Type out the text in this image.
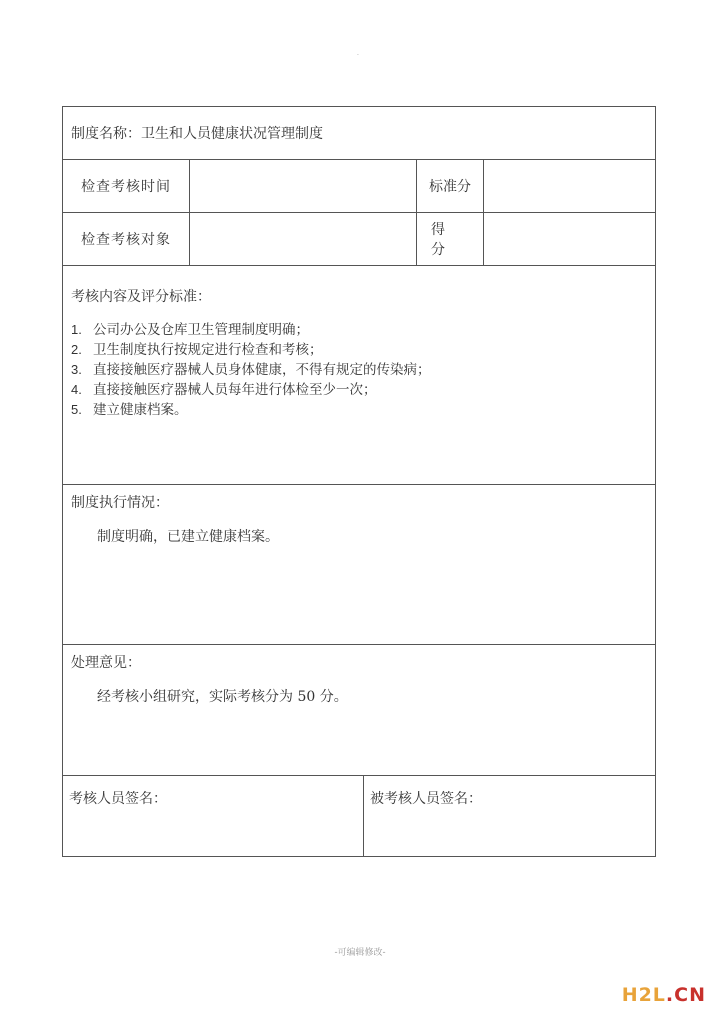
·
制度名称： 卫生和人员健康状况管理制度
检查考核时间	标准分
检查考核对象
得分

考核内容及评分标准：

1. 公司办公及仓库卫生管理制度明确；
2. 卫生制度执行按规定进行检查和考核；
3. 直接接触医疗器械人员身体健康，不得有规定的传染病；
4. 直接接触医疗器械人员每年进行体检至少一次；
5. 建立健康档案。
制度执行情况：
制度明确，已建立健康档案。
处理意见：
经考核小组研究，实际考核分为 50 分。
考核人员签名：	被考核人员签名：
-可编辑修改-
H2L.CN
